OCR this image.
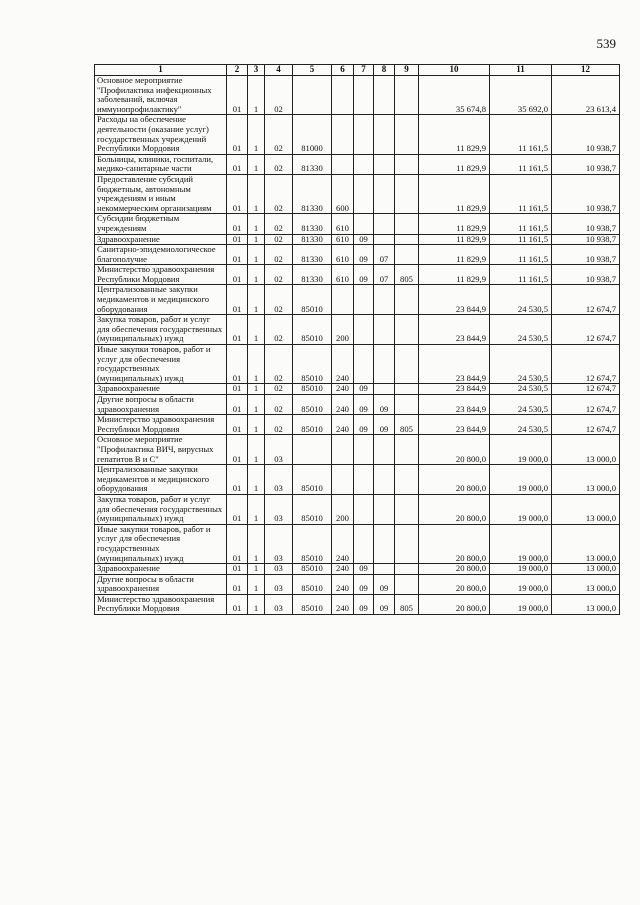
539
1	2	3	4	5	6	7	8	9	10	11	12

Основное мероприятие "Профилактика инфекционных заболеваний, включая иммунопрофилактику"	01	1	02						35 674,8	35 692,0	23 613,4

Расходы на обеспечение деятельности (оказание услуг) государственных учреждений Республики Мордовия	01	1	02	81000					11 829,9	11 161,5	10 938,7

Больницы, клиники, госпитали, медико-санитарные части	01	1	02	81330					11 829,9	11 161,5	10 938,7

Предоставление субсидий бюджетным, автономным учреждениям и иным некоммерческим организациям	01	1	02	81330	600				11 829,9	11 161,5	10 938,7

Субсидии бюджетным учреждениям	01	1	02	81330	610				11 829,9	11 161,5	10 938,7

Здравоохранение	01	1	02	81330	610	09			11 829,9	11 161,5	10 938,7

Санитарно-эпидемиологическое благополучие	01	1	02	81330	610	09	07		11 829,9	11 161,5	10 938,7

Министерство здравоохранения Республики Мордовия	01	1	02	81330	610	09	07	805	11 829,9	11 161,5	10 938,7

Централизованные закупки медикаментов и медицинского оборудования	01	1	02	85010					23 844,9	24 530,5	12 674,7

Закупка товаров, работ и услуг для обеспечения государственных (муниципальных) нужд	01	1	02	85010	200				23 844,9	24 530,5	12 674,7

Иные закупки товаров, работ и услуг для обеспечения государственных (муниципальных) нужд	01	1	02	85010	240				23 844,9	24 530,5	12 674,7

Здравоохранение	01	1	02	85010	240	09			23 844,9	24 530,5	12 674,7

Другие вопросы в области здравоохранения	01	1	02	85010	240	09	09		23 844,9	24 530,5	12 674,7

Министерство здравоохранения Республики Мордовия	01	1	02	85010	240	09	09	805	23 844,9	24 530,5	12 674,7

Основное мероприятие "Профилактика ВИЧ, вирусных гепатитов В и С"	01	1	03						20 800,0	19 000,0	13 000,0

Централизованные закупки медикаментов и медицинского оборудования	01	1	03	85010					20 800,0	19 000,0	13 000,0

Закупка товаров, работ и услуг для обеспечения государственных (муниципальных) нужд	01	1	03	85010	200				20 800,0	19 000,0	13 000,0

Иные закупки товаров, работ и услуг для обеспечения государственных (муниципальных) нужд	01	1	03	85010	240				20 800,0	19 000,0	13 000,0

Здравоохранение	01	1	03	85010	240	09			20 800,0	19 000,0	13 000,0

Другие вопросы в области здравоохранения	01	1	03	85010	240	09	09		20 800,0	19 000,0	13 000,0

Министерство здравоохранения Республики Мордовия	01	1	03	85010	240	09	09	805	20 800,0	19 000,0	13 000,0
